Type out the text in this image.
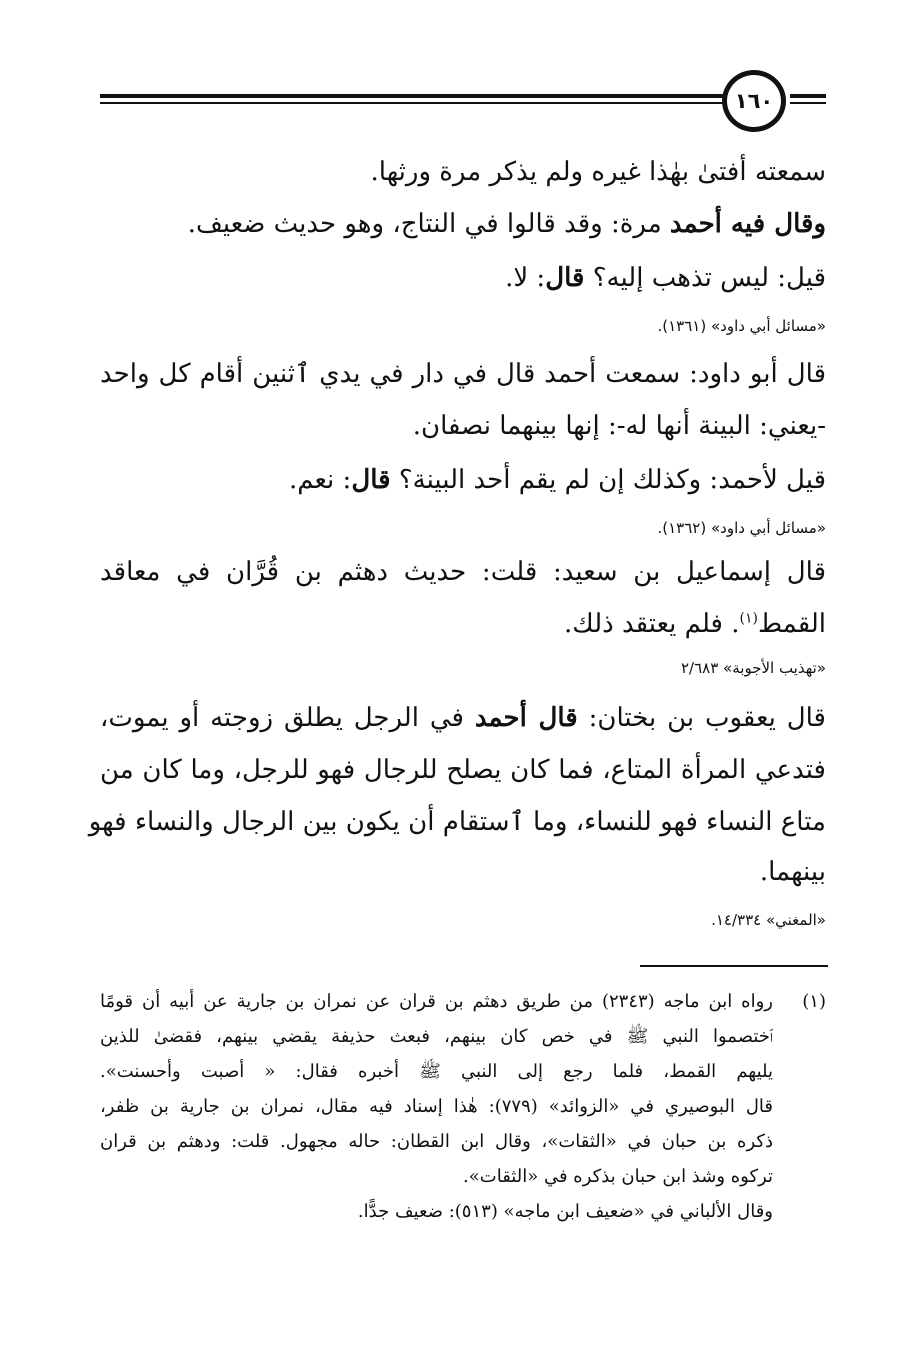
١٦٠
سمعته أفتىٰ بهٰذا غيره ولم يذكر مرة ورثها.
وقال فيه أحمد مرة: وقد قالوا في النتاج، وهو حديث ضعيف.
قيل: ليس تذهب إليه؟ قال: لا.
«مسائل أبي داود» (١٣٦١).
قال أبو داود: سمعت أحمد قال في دار في يدي ٱثنين أقام كل واحد
-يعني: البينة أنها له-: إنها بينهما نصفان.
قيل لأحمد: وكذلك إن لم يقم أحد البينة؟ قال: نعم.
«مسائل أبي داود» (١٣٦٢).
قال إسماعيل بن سعيد: قلت: حديث دهثم بن قُرَّان في معاقد
القمط$^{(١)}$. فلم يعتقد ذلك.
«تهذيب الأجوبة» ٢/٦٨٣
قال يعقوب بن بختان: قال أحمد في الرجل يطلق زوجته أو يموت،
فتدعي المرأة المتاع، فما كان يصلح للرجال فهو للرجل، وما كان من
متاع النساء فهو للنساء، وما ٱستقام أن يكون بين الرجال والنساء فهو
بينهما.
«المغني» ١٤/٣٣٤.
(١)
رواه ابن ماجه (٢٣٤٣) من طريق دهثم بن قران عن نمران بن جارية عن أبيه أن قومًا
ٱختصموا النبي ﷺ في خص كان بينهم، فبعث حذيفة يقضي بينهم، فقضىٰ للذين
يليهم القمط، فلما رجع إلى النبي ﷺ أخبره فقال: « أصبت وأحسنت».
قال البوصيري في «الزوائد» (٧٧٩): هٰذا إسناد فيه مقال، نمران بن جارية بن ظفر،
ذكره بن حبان في «الثقات»، وقال ابن القطان: حاله مجهول. قلت: ودهثم بن قران
تركوه وشذ ابن حبان بذكره في «الثقات».
وقال الألباني في «ضعيف ابن ماجه» (٥١٣): ضعيف جدًّا.
